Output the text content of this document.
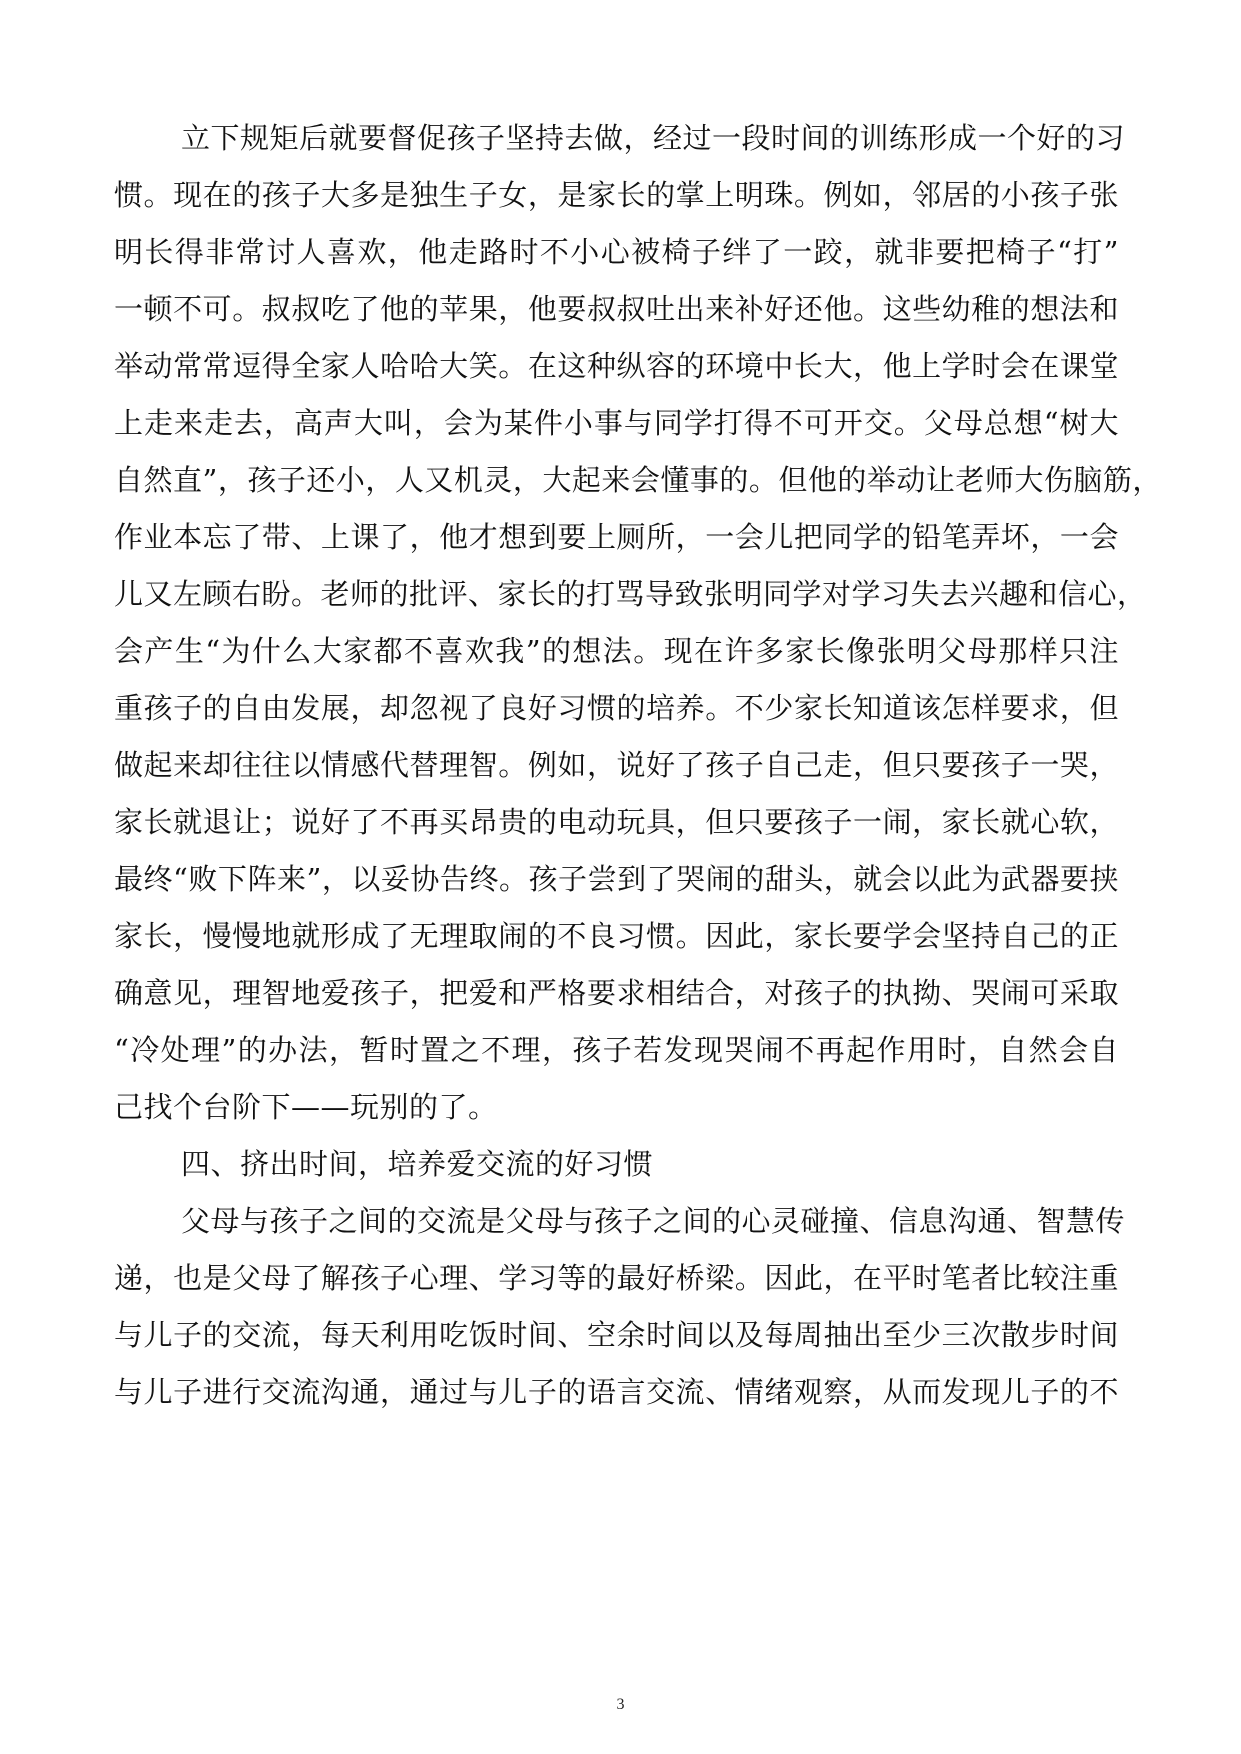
立下规矩后就要督促孩子坚持去做，经过一段时间的训练形成一个好的习
惯。现在的孩子大多是独生子女，是家长的掌上明珠。例如，邻居的小孩子张
明长得非常讨人喜欢，他走路时不小心被椅子绊了一跤，就非要把椅子“打”
一顿不可。叔叔吃了他的苹果，他要叔叔吐出来补好还他。这些幼稚的想法和
举动常常逗得全家人哈哈大笑。在这种纵容的环境中长大，他上学时会在课堂
上走来走去，高声大叫，会为某件小事与同学打得不可开交。父母总想“树大
自然直”，孩子还小，人又机灵，大起来会懂事的。但他的举动让老师大伤脑筋，
作业本忘了带、上课了，他才想到要上厕所，一会儿把同学的铅笔弄坏，一会
儿又左顾右盼。老师的批评、家长的打骂导致张明同学对学习失去兴趣和信心，
会产生“为什么大家都不喜欢我”的想法。现在许多家长像张明父母那样只注
重孩子的自由发展，却忽视了良好习惯的培养。不少家长知道该怎样要求，但
做起来却往往以情感代替理智。例如，说好了孩子自己走，但只要孩子一哭，
家长就退让；说好了不再买昂贵的电动玩具，但只要孩子一闹，家长就心软，
最终“败下阵来”，以妥协告终。孩子尝到了哭闹的甜头，就会以此为武器要挟
家长，慢慢地就形成了无理取闹的不良习惯。因此，家长要学会坚持自己的正
确意见，理智地爱孩子，把爱和严格要求相结合，对孩子的执拗、哭闹可采取
“冷处理”的办法，暂时置之不理，孩子若发现哭闹不再起作用时，自然会自
己找个台阶下——玩别的了。
四、挤出时间，培养爱交流的好习惯
父母与孩子之间的交流是父母与孩子之间的心灵碰撞、信息沟通、智慧传
递，也是父母了解孩子心理、学习等的最好桥梁。因此，在平时笔者比较注重
与儿子的交流，每天利用吃饭时间、空余时间以及每周抽出至少三次散步时间
与儿子进行交流沟通，通过与儿子的语言交流、情绪观察，从而发现儿子的不
3
